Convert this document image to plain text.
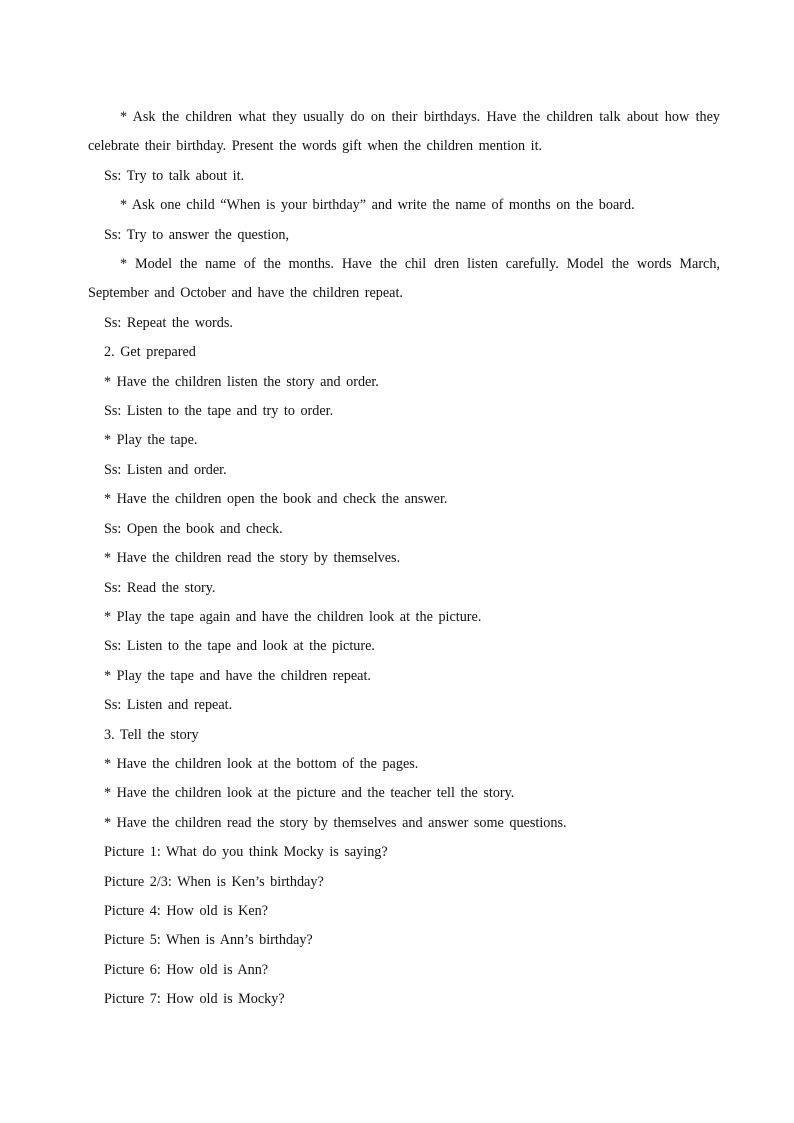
* Ask the children what they usually do on their birthdays. Have the children talk about how they celebrate their birthday. Present the words gift when the children mention it.

Ss: Try to talk about it.

* Ask one child “When is your birthday” and write the name of months on the board.

Ss: Try to answer the question,

* Model the name of the months. Have the chil dren listen carefully. Model the words March, September and October and have the children repeat.

Ss: Repeat the words.

2. Get prepared

* Have the children listen the story and order.

Ss: Listen to the tape and try to order.

* Play the tape.

Ss: Listen and order.

* Have the children open the book and check the answer.

Ss: Open the book and check.

* Have the children read the story by themselves.

Ss: Read the story.

* Play the tape again and have the children look at the picture.

Ss: Listen to the tape and look at the picture.

* Play the tape and have the children repeat.

Ss: Listen and repeat.

3. Tell the story

* Have the children look at the bottom of the pages.

* Have the children look at the picture and the teacher tell the story.

* Have the children read the story by themselves and answer some questions.

Picture 1: What do you think Mocky is saying?

Picture 2/3: When is Ken’s birthday?

Picture 4: How old is Ken?

Picture 5: When is Ann’s birthday?

Picture 6: How old is Ann?

Picture 7: How old is Mocky?
